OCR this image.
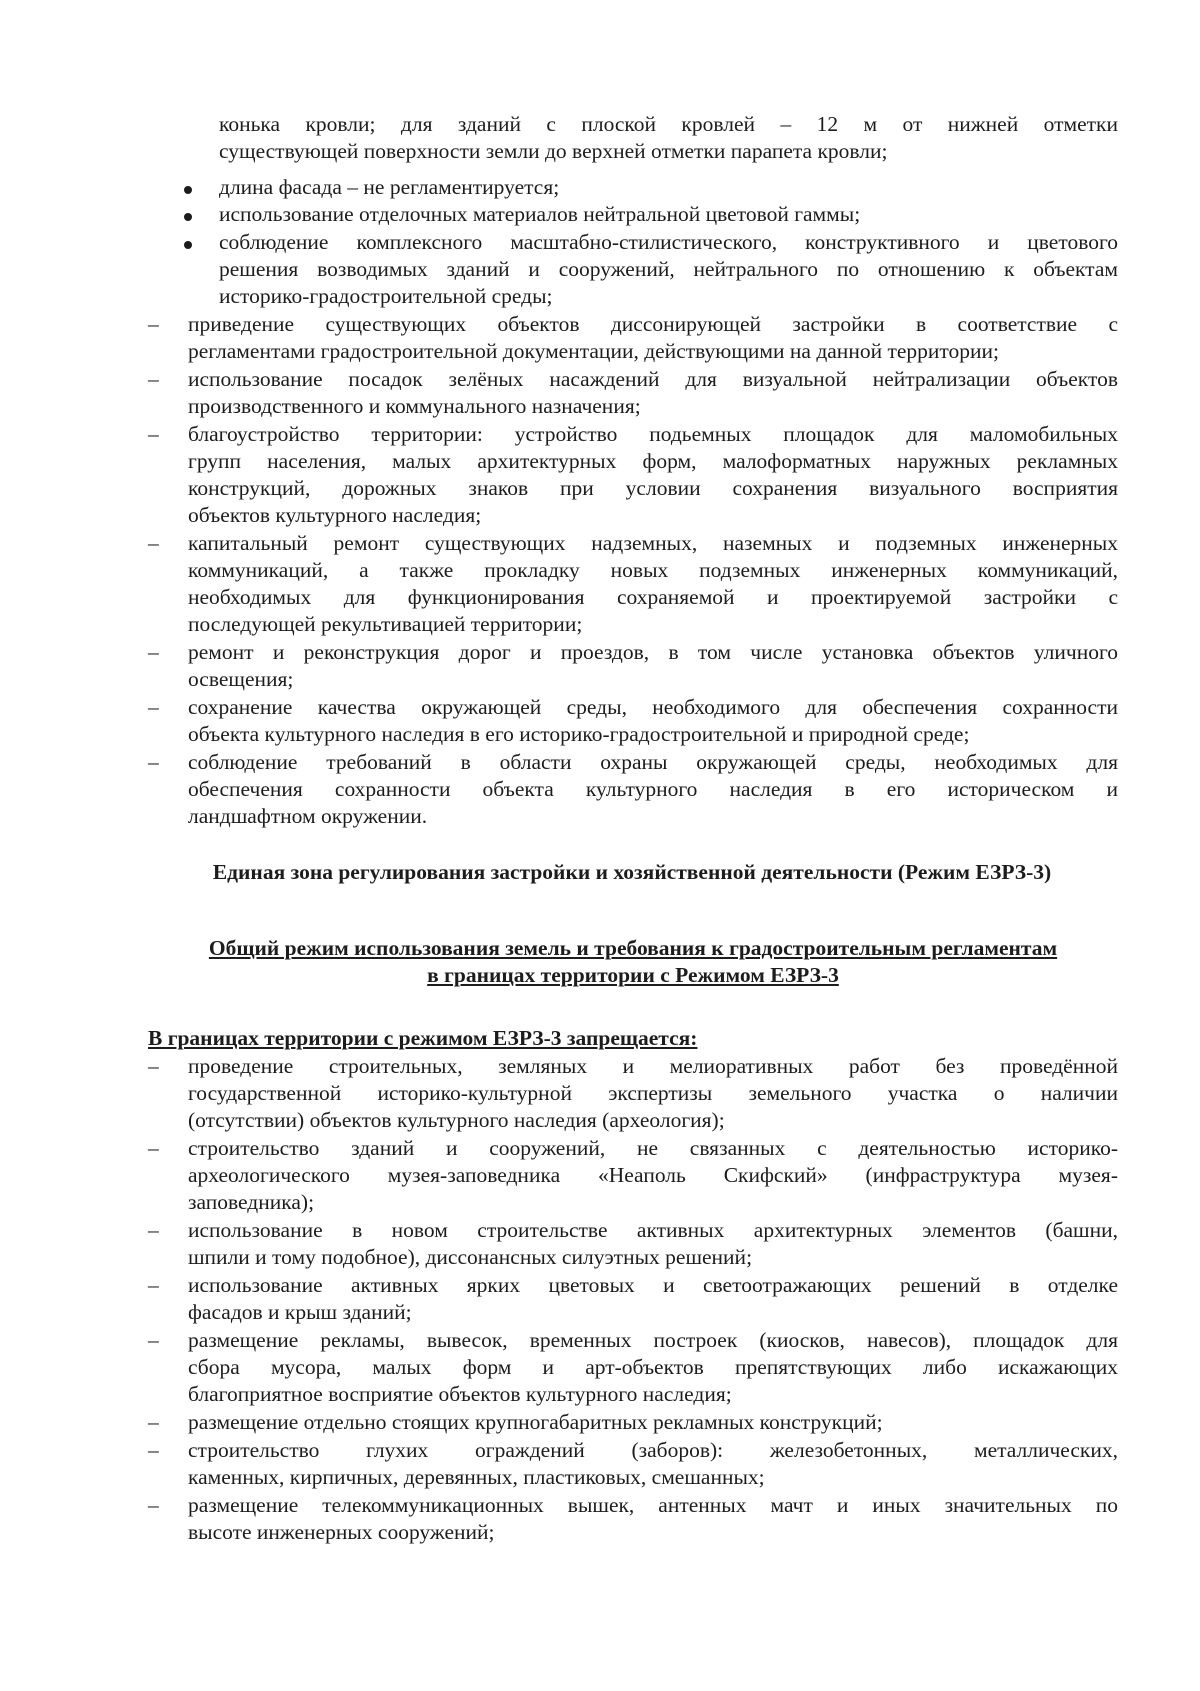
конька кровли; для зданий с плоской кровлей – 12 м от нижней отметки

существующей поверхности земли до верхней отметки парапета кровли;

длина фасада – не регламентируется;

использование отделочных материалов нейтральной цветовой гаммы;

соблюдение комплексного масштабно-стилистического, конструктивного и цветового

решения возводимых зданий и сооружений, нейтрального по отношению к объектам

историко-градостроительной среды;

– приведение существующих объектов диссонирующей застройки в соответствие с

регламентами градостроительной документации, действующими на данной территории;

– использование посадок зелёных насаждений для визуальной нейтрализации объектов

производственного и коммунального назначения;

– благоустройство территории: устройство подьемных площадок для маломобильных

групп населения, малых архитектурных форм, малоформатных наружных рекламных

конструкций, дорожных знаков при условии сохранения визуального восприятия

объектов культурного наследия;

– капитальный ремонт существующих надземных, наземных и подземных инженерных

коммуникаций, а также прокладку новых подземных инженерных коммуникаций,

необходимых для функционирования сохраняемой и проектируемой застройки с

последующей рекультивацией территории;

– ремонт и реконструкция дорог и проездов, в том числе установка объектов уличного

освещения;

– сохранение качества окружающей среды, необходимого для обеспечения сохранности

объекта культурного наследия в его историко-градостроительной и природной среде;

– соблюдение требований в области охраны окружающей среды, необходимых для

обеспечения сохранности объекта культурного наследия в его историческом и

ландшафтном окружении.

Единая зона регулирования застройки и хозяйственной деятельности (Режим ЕЗРЗ-3)

Общий режим использования земель и требования к градостроительным регламентам

в границах территории с Режимом ЕЗРЗ-3

В границах территории с режимом ЕЗРЗ-3 запрещается:

– проведение строительных, земляных и мелиоративных работ без проведённой

государственной историко-культурной экспертизы земельного участка о наличии

(отсутствии) объектов культурного наследия (археология);

– строительство зданий и сооружений, не связанных с деятельностью историко-

археологического музея-заповедника «Неаполь Скифский» (инфраструктура музея-

заповедника);

– использование в новом строительстве активных архитектурных элементов (башни,

шпили и тому подобное), диссонансных силуэтных решений;

– использование активных ярких цветовых и светоотражающих решений в отделке

фасадов и крыш зданий;

– размещение рекламы, вывесок, временных построек (киосков, навесов), площадок для

сбора мусора, малых форм и арт-объектов препятствующих либо искажающих

благоприятное восприятие объектов культурного наследия;

– размещение отдельно стоящих крупногабаритных рекламных конструкций;

– строительство глухих ограждений (заборов): железобетонных, металлических,

каменных, кирпичных, деревянных, пластиковых, смешанных;

– размещение телекоммуникационных вышек, антенных мачт и иных значительных по

высоте инженерных сооружений;
